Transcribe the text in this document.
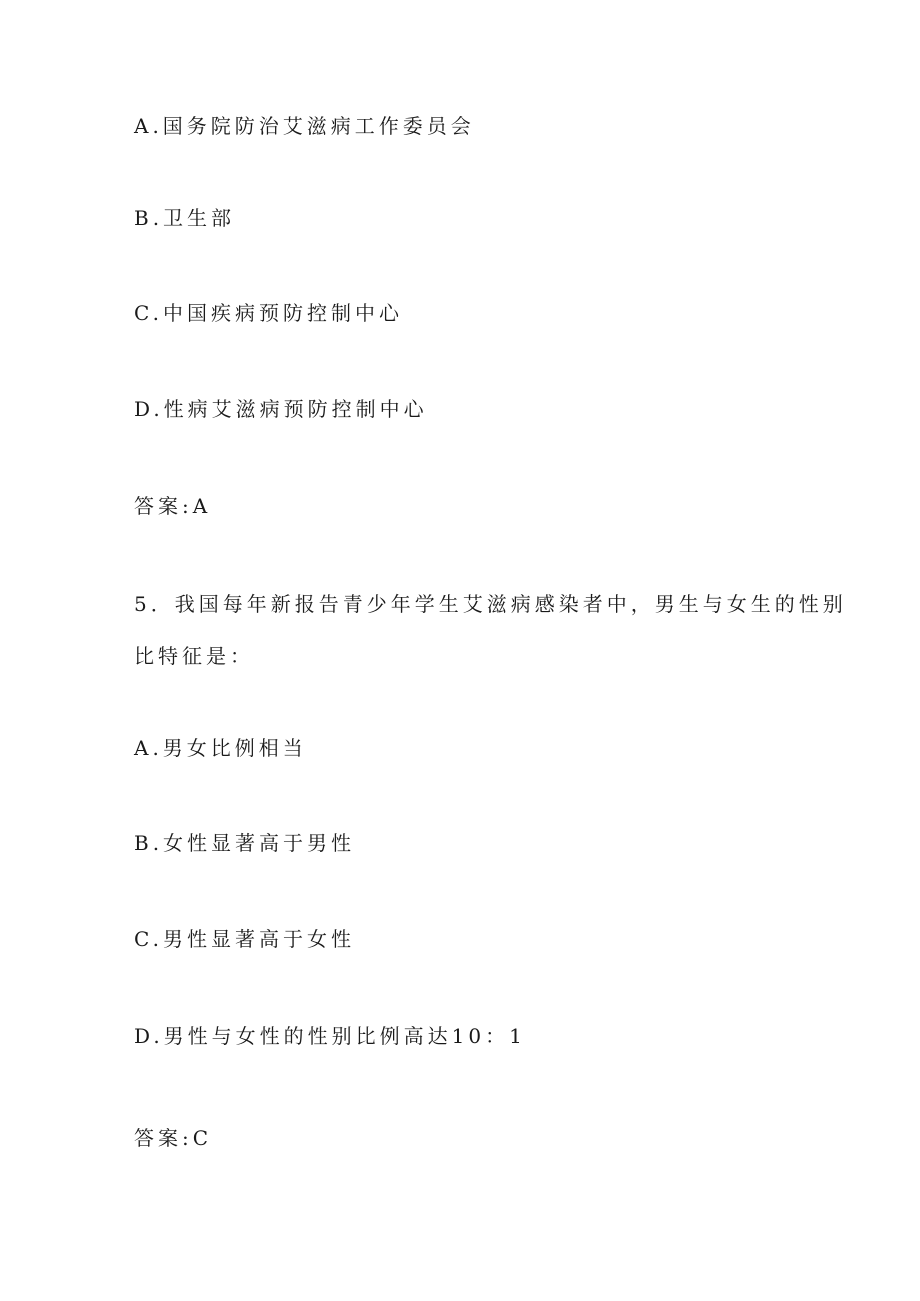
A.国务院防治艾滋病工作委员会
B.卫生部
C.中国疾病预防控制中心
D.性病艾滋病预防控制中心
答案:A
5．我国每年新报告青少年学生艾滋病感染者中，男生与女生的性别
比特征是：
A.男女比例相当
B.女性显著高于男性
C.男性显著高于女性
D.男性与女性的性别比例高达10：1
答案:C
